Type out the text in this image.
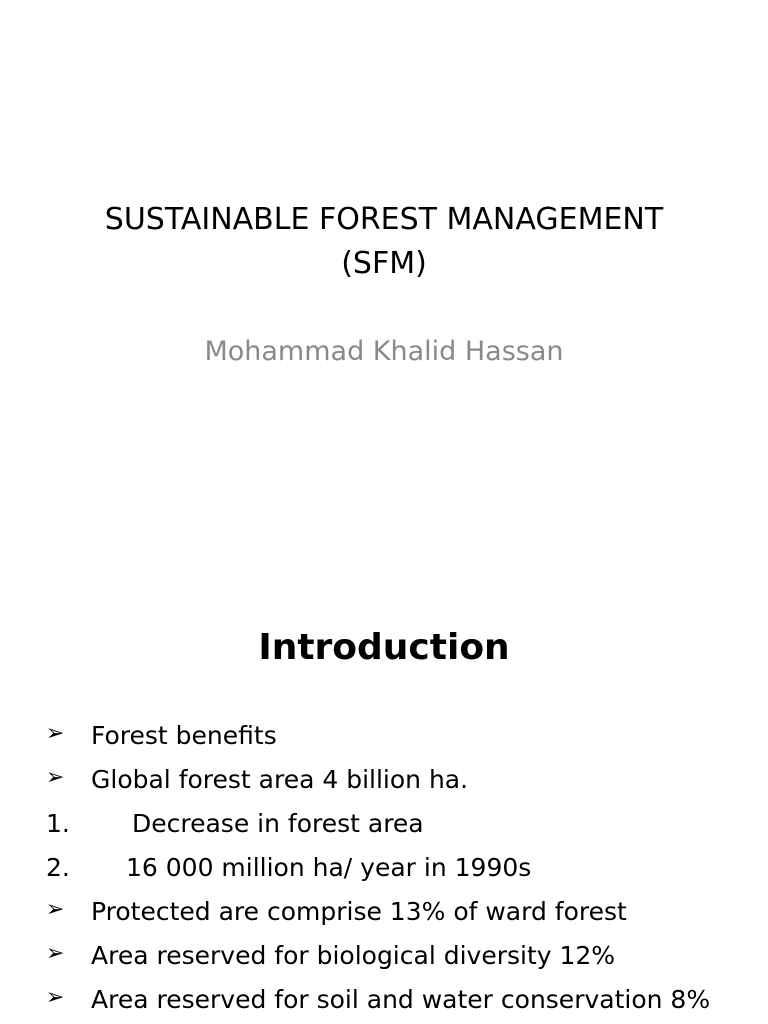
SUSTAINABLE FOREST MANAGEMENT
(SFM)

Mohammad Khalid Hassan

Introduction
➢ Forest benefits
➢ Global forest area 4 billion ha.
1. Decrease in forest area
2. 16 000 million ha/ year in 1990s
➢ Protected are comprise 13% of ward forest
➢ Area reserved for biological diversity 12%
➢ Area reserved for soil and water conservation 8%
